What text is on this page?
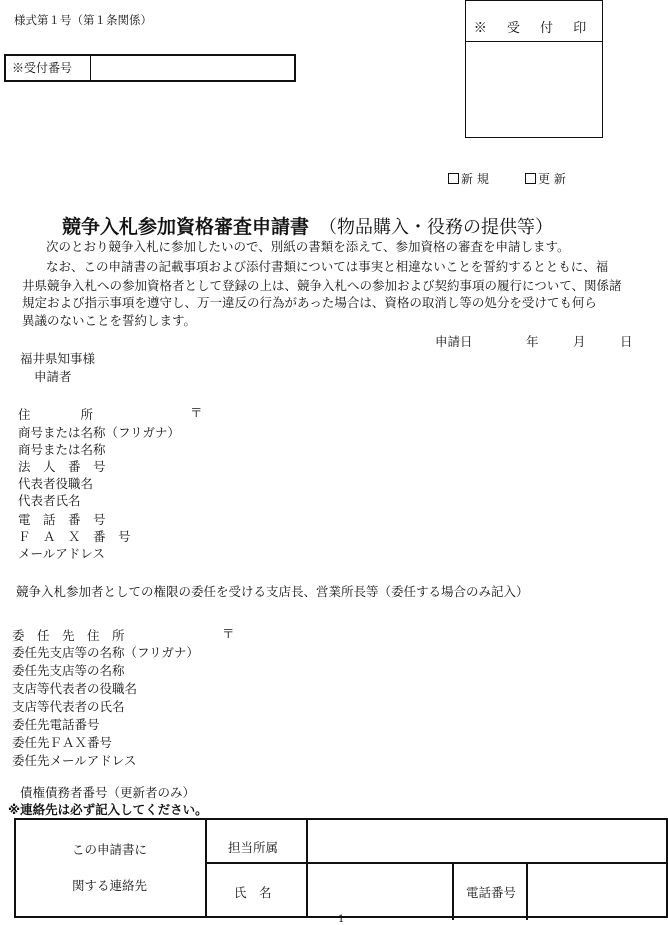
様式第１号（第１条関係）
※受付番号
※ 受 付 印
新 規	更 新
競争入札参加資格審査申請書 （物品購入・役務の提供等）
次のとおり競争入札に参加したいので、別紙の書類を添えて、参加資格の審査を申請します。
なお、この申請書の記載事項および添付書類については事実と相違ないことを誓約するとともに、福
井県競争入札への参加資格者として登録の上は、競争入札への参加および契約事項の履行について、関係諸
規定および指示事項を遵守し、万一違反の行為があった場合は、資格の取消し等の処分を受けても何ら
異議のないことを誓約します。
申請日	年	月	日
福井県知事様
申請者
住　　　　所	〒
商号または名称（フリガナ）
商号または名称
法　人　番　号
代表者役職名
代表者氏名
電　話　番　号
Ｆ　Ａ　Ｘ　番　号
メールアドレス
競争入札参加者としての権限の委任を受ける支店長、営業所長等（委任する場合のみ記入）
委　任　先　住　所	〒
委任先支店等の名称（フリガナ）
委任先支店等の名称
支店等代表者の役職名
支店等代表者の氏名
委任先電話番号
委任先ＦＡＸ番号
委任先メールアドレス
債権債務者番号（更新者のみ）
※連絡先は必ず記入してください。
この申請書に
関する連絡先
担当所属
氏　名	電話番号
1
